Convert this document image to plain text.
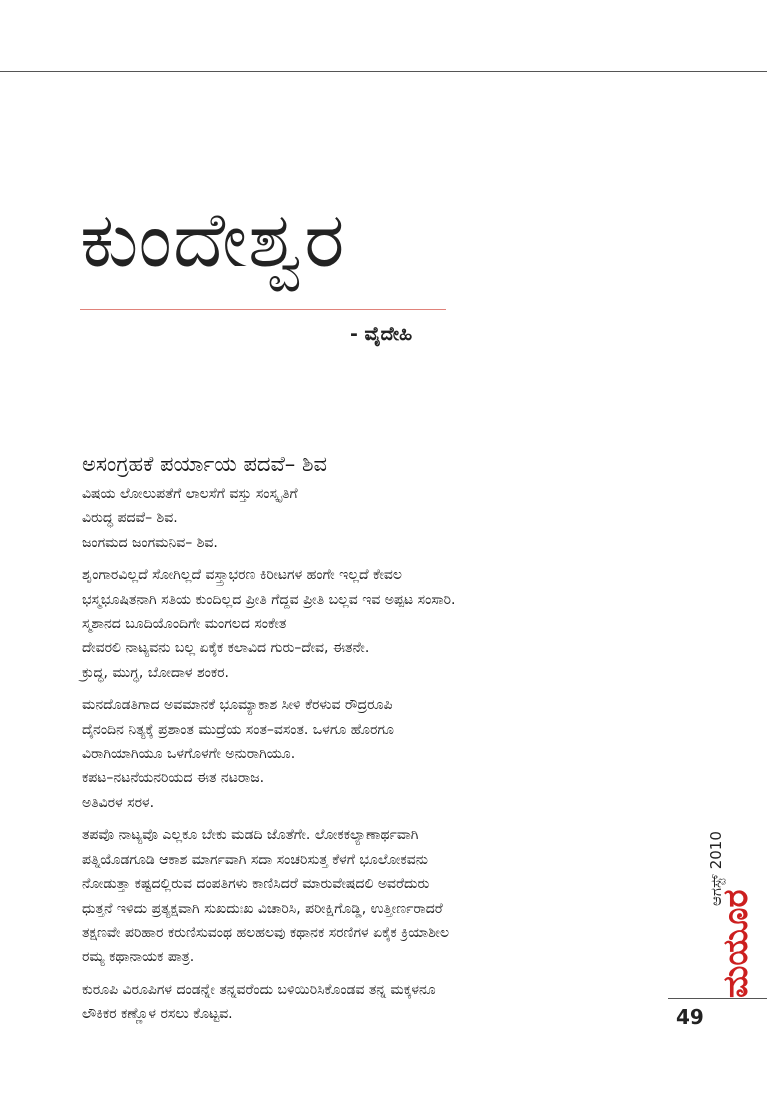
ಕುಂದೇಶ್ವರ
- ವೈದೇಹಿ
ಅಸಂಗ್ರಹಕೆ ಪರ್ಯಾಯ ಪದವೆ– ಶಿವ
ವಿಷಯ ಲೋಲುಪತೆಗೆ ಲಾಲಸೆಗೆ ವಸ್ತು ಸಂಸ್ಕೃತಿಗೆ
ವಿರುದ್ಧ ಪದವೆ– ಶಿವ.
ಜಂಗಮದ ಜಂಗಮನಿವ– ಶಿವ.
ಶೃಂಗಾರವಿಲ್ಲದೆ ಸೋಗಿಲ್ಲದೆ ವಸ್ತ್ರಾಭರಣ ಕಿರೀಟಗಳ ಹಂಗೇ ಇಲ್ಲದೆ ಕೇವಲ
ಭಸ್ಮಭೂಷಿತನಾಗಿ ಸತಿಯ ಕುಂದಿಲ್ಲದ ಪ್ರೀತಿ ಗೆದ್ದವ ಪ್ರೀತಿ ಬಲ್ಲವ ಇವ ಅಪ್ಪಟ ಸಂಸಾರಿ.
ಸ್ಮಶಾನದ ಬೂದಿಯೊಂದಿಗೇ ಮಂಗಲದ ಸಂಕೇತ
ದೇವರಲಿ ನಾಟ್ಯವನು ಬಲ್ಲ ಏಕೈಕ ಕಲಾವಿದ ಗುರು–ದೇವ, ಈತನೇ.
ಕ್ರುದ್ಧ, ಮುಗ್ಧ, ಬೋದಾಳ ಶಂಕರ.
ಮನದೊಡತಿಗಾದ ಅವಮಾನಕೆ ಭೂಮ್ಯಾಕಾಶ ಸೀಳಿ ಕೆರಳುವ ರೌದ್ರರೂಪಿ
ದೈನಂದಿನ ನಿತ್ಯಕ್ಕೆ ಪ್ರಶಾಂತ ಮುದ್ರೆಯ ಸಂತ–ವಸಂತ. ಒಳಗೂ ಹೊರಗೂ
ವಿರಾಗಿಯಾಗಿಯೂ ಒಳಗೊಳಗೇ ಅನುರಾಗಿಯೂ.
ಕಪಟ–ನಟನೆಯನರಿಯದ ಈತ ನಟರಾಜ.
ಅತಿವಿರಳ ಸರಳ.
ತಪವೊ ನಾಟ್ಯವೊ ಎಲ್ಲಕೂ ಬೇಕು ಮಡದಿ ಜೊತೆಗೇ. ಲೋಕಕಲ್ಯಾಣಾರ್ಥವಾಗಿ
ಪತ್ನಿಯೊಡಗೂಡಿ ಆಕಾಶ ಮಾರ್ಗವಾಗಿ ಸದಾ ಸಂಚರಿಸುತ್ತ ಕೆಳಗೆ ಭೂಲೋಕವನು
ನೋಡುತ್ತಾ ಕಷ್ಟದಲ್ಲಿರುವ ದಂಪತಿಗಳು ಕಾಣಿಸಿದರೆ ಮಾರುವೇಷದಲಿ ಅವರೆದುರು
ಧುತ್ತನೆ ಇಳಿದು ಪ್ರತ್ಯಕ್ಷವಾಗಿ ಸುಖದುಃಖ ವಿಚಾರಿಸಿ, ಪರೀಕ್ಷಿಗೊಡ್ಡಿ, ಉತ್ತೀರ್ಣರಾದರೆ
ತಕ್ಷಣವೇ ಪರಿಹಾರ ಕರುಣಿಸುವಂಥ ಹಲಹಲವು ಕಥಾನಕ ಸರಣಿಗಳ ಏಕೈಕ ಕ್ರಿಯಾಶೀಲ
ರಮ್ಯ ಕಥಾನಾಯಕ ಪಾತ್ರ.
ಕುರೂಪಿ ವಿರೂಪಿಗಳ ದಂಡನ್ನೇ ತನ್ನವರೆಂದು ಬಳಿಯಿರಿಸಿಕೊಂಡವ ತನ್ನ ಮಕ್ಕಳನೂ
ಲೌಕಿಕರ ಕಣ್ಣೊಳ ರಸಲು ಕೊಟ್ಟವ.
ಆಗಸ್ಟ್ 2010
ಮಯೂರ
49
